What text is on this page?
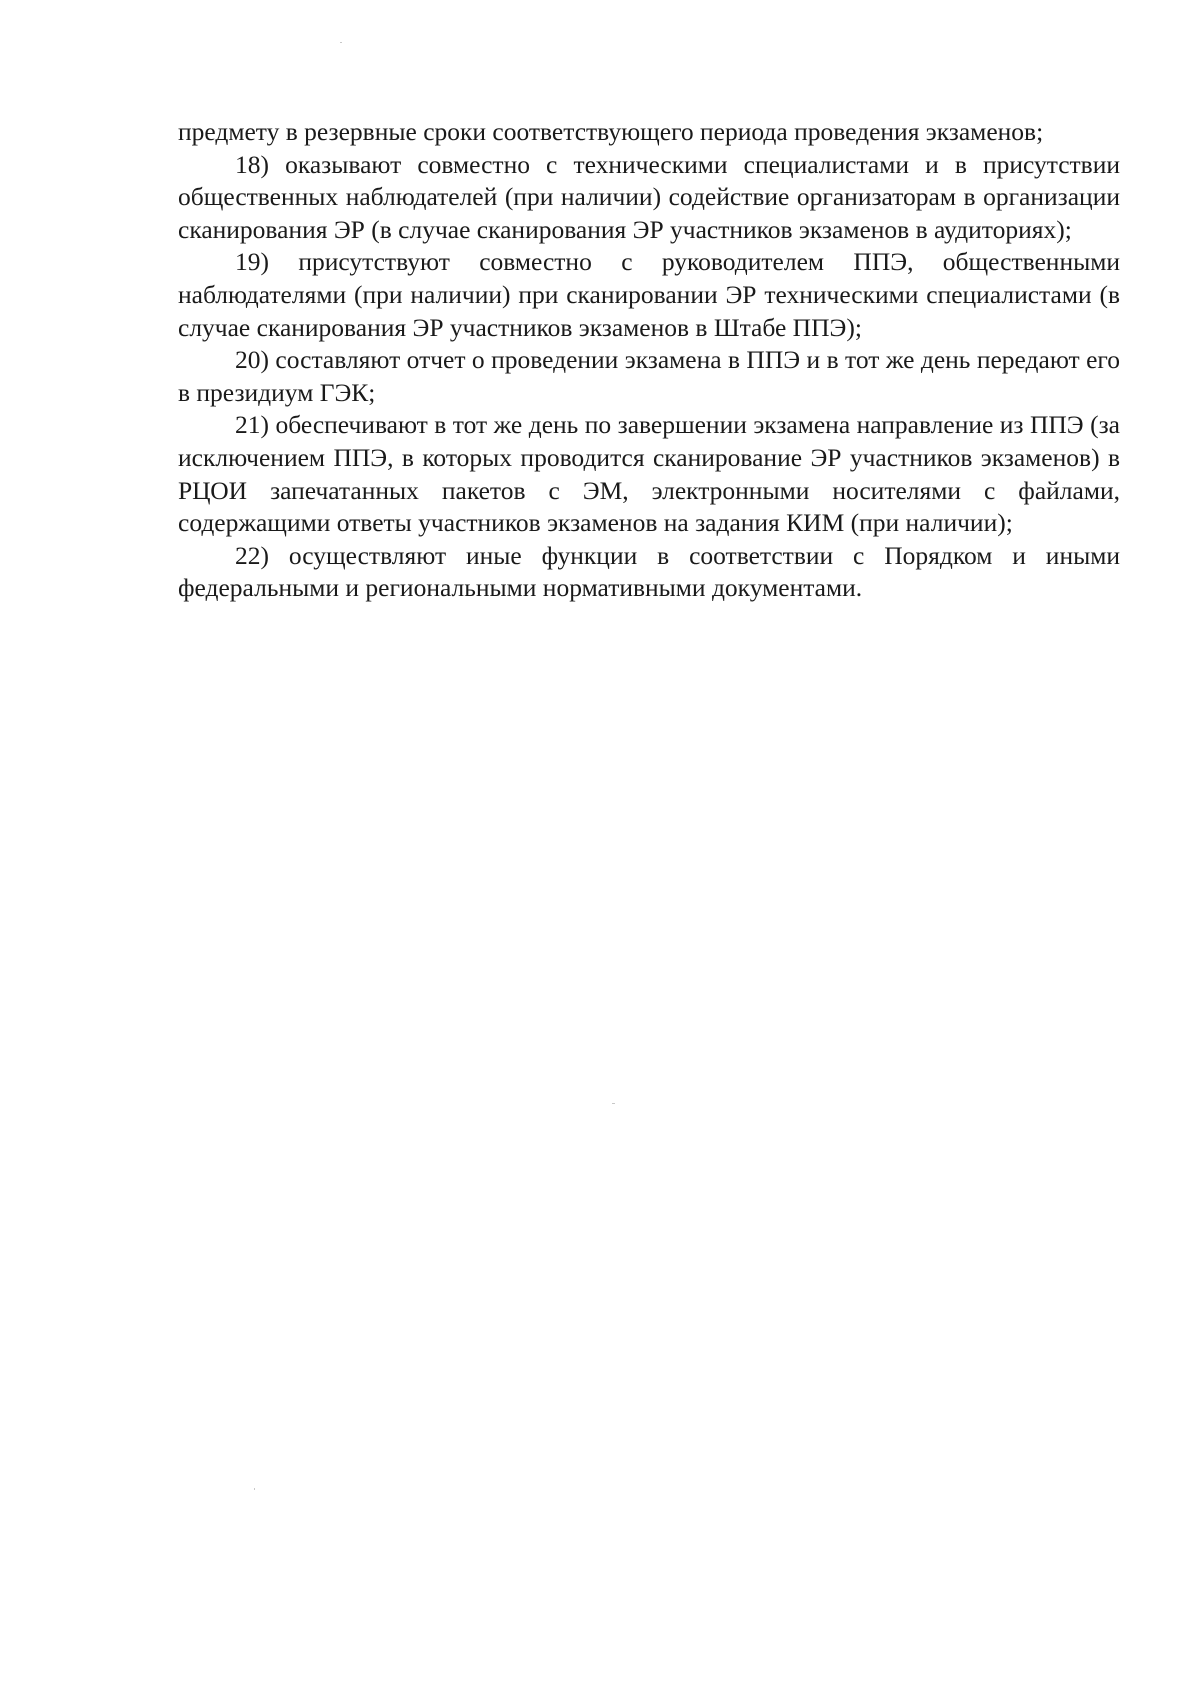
предмету в резервные сроки соответствующего периода проведения экзаменов;

18) оказывают совместно с техническими специалистами и в присутствии общественных наблюдателей (при наличии) содействие организаторам в организации сканирования ЭР (в случае сканирования ЭР участников экзаменов в аудиториях);

19) присутствуют совместно с руководителем ППЭ, общественными наблюдателями (при наличии) при сканировании ЭР техническими специалистами (в случае сканирования ЭР участников экзаменов в Штабе ППЭ);

20) составляют отчет о проведении экзамена в ППЭ и в тот же день передают его в президиум ГЭК;

21) обеспечивают в тот же день по завершении экзамена направление из ППЭ (за исключением ППЭ, в которых проводится сканирование ЭР участников экзаменов) в РЦОИ запечатанных пакетов с ЭМ, электронными носителями с файлами, содержащими ответы участников экзаменов на задания КИМ (при наличии);

22) осуществляют иные функции в соответствии с Порядком и иными федеральными и региональными нормативными документами.
